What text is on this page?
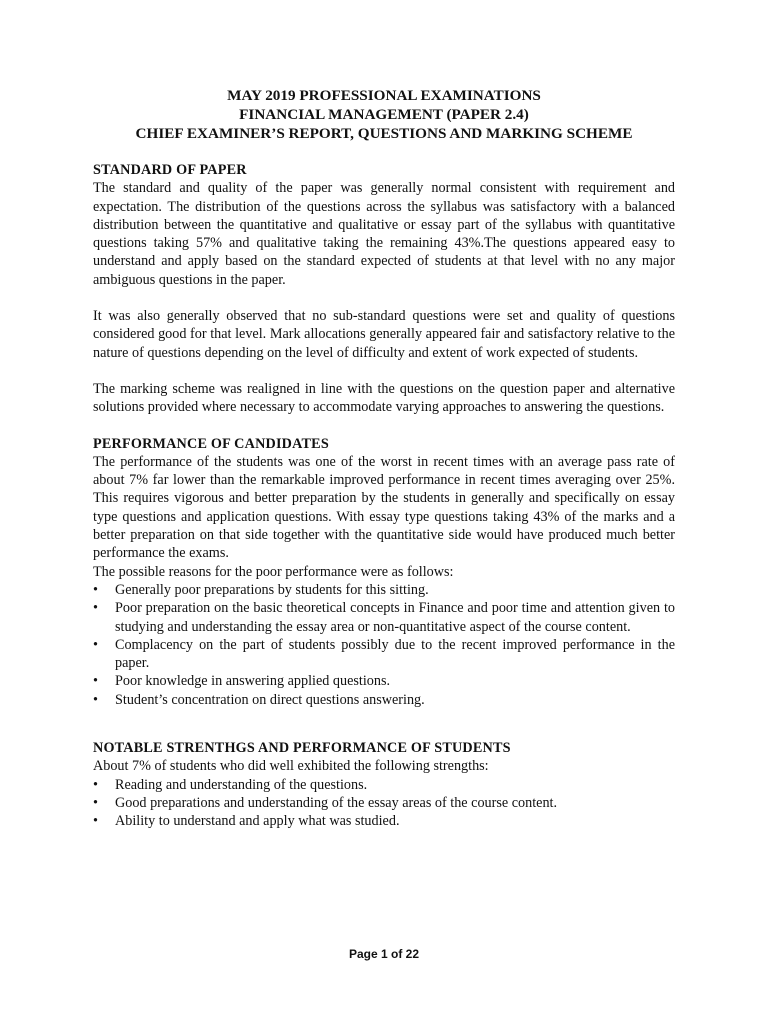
MAY 2019 PROFESSIONAL EXAMINATIONS
FINANCIAL MANAGEMENT (PAPER 2.4)
CHIEF EXAMINER’S REPORT, QUESTIONS AND MARKING SCHEME
STANDARD OF PAPER

The standard and quality of the paper was generally normal consistent with requirement and expectation. The distribution of the questions across the syllabus was satisfactory with a balanced distribution between the quantitative and qualitative or essay part of the syllabus with quantitative questions taking 57% and qualitative taking the remaining 43%.The questions appeared easy to understand and apply based on the standard expected of students at that level with no any major ambiguous questions in the paper.

It was also generally observed that no sub-standard questions were set and quality of questions considered good for that level. Mark allocations generally appeared fair and satisfactory relative to the nature of questions depending on the level of difficulty and extent of work expected of students.

The marking scheme was realigned in line with the questions on the question paper and alternative solutions provided where necessary to accommodate varying approaches to answering the questions.

PERFORMANCE OF CANDIDATES

The performance of the students was one of the worst in recent times with an average pass rate of about 7% far lower than the remarkable improved performance in recent times averaging over 25%. This requires vigorous and better preparation by the students in generally and specifically on essay type questions and application questions. With essay type questions taking 43% of the marks and a better preparation on that side together with the quantitative side would have produced much better performance the exams.

The possible reasons for the poor performance were as follows:

•	Generally poor preparations by students for this sitting.
•	Poor preparation on the basic theoretical concepts in Finance and poor time and attention given to studying and understanding the essay area or non-quantitative aspect of the course content.
•	Complacency on the part of students possibly due to the recent improved performance in the paper.
•	Poor knowledge in answering applied questions.
•	Student’s concentration on direct questions answering.
NOTABLE STRENTHGS AND PERFORMANCE OF STUDENTS

About 7% of students who did well exhibited the following strengths:

•	Reading and understanding of the questions.
•	Good preparations and understanding of the essay areas of the course content.
•	Ability to understand and apply what was studied.
Page 1 of 22
